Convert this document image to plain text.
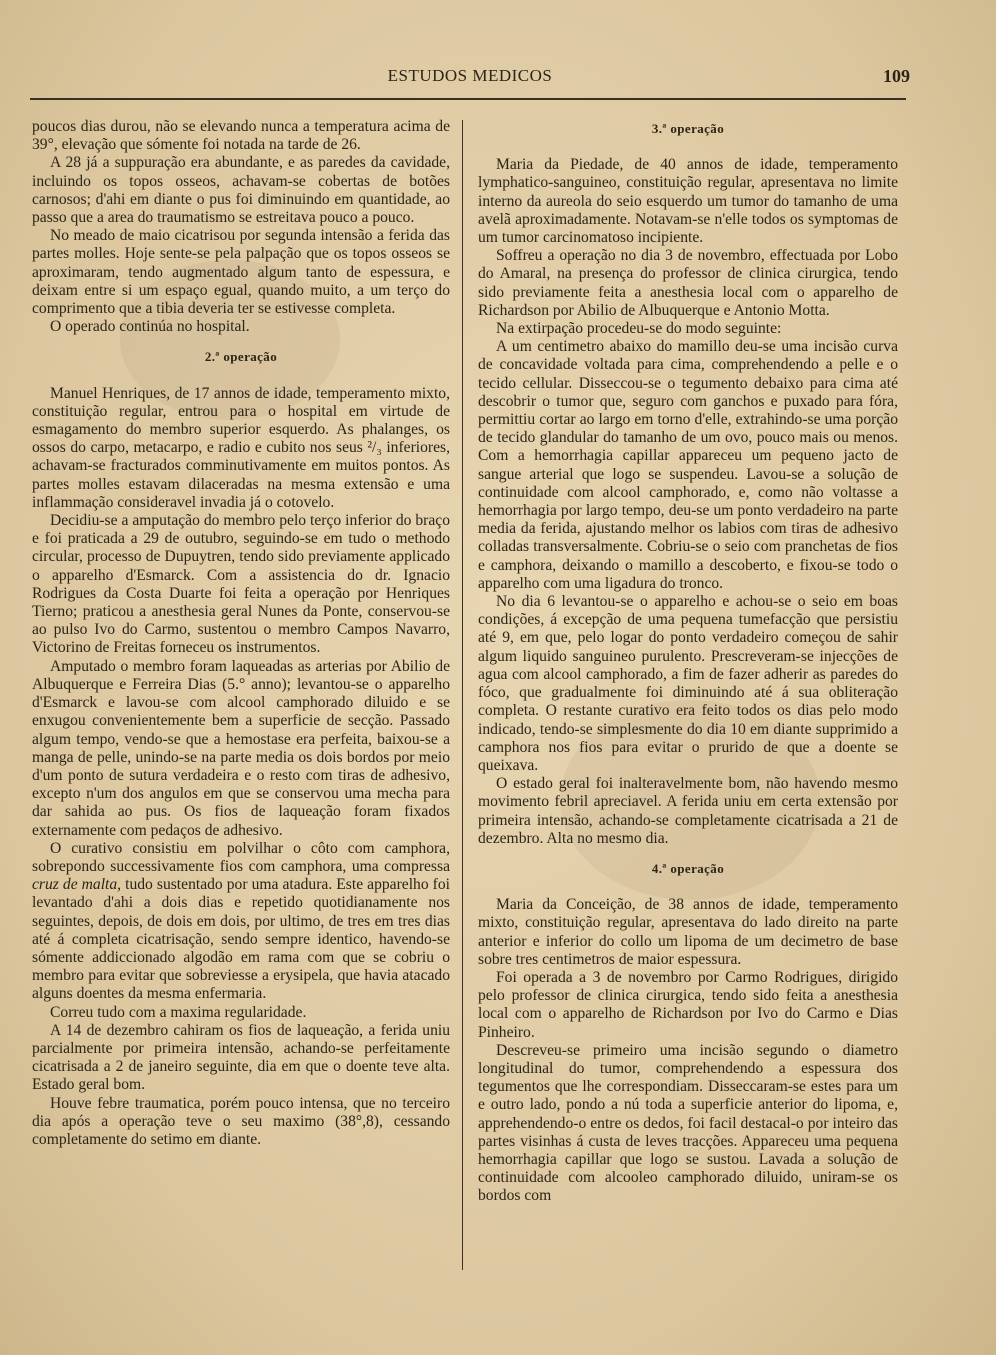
ESTUDOS MEDICOS	109

poucos dias durou, não se elevando nunca a temperatura acima de 39°, elevação que sómente foi notada na tarde de 26.

A 28 já a suppuração era abundante, e as paredes da cavidade, incluindo os topos osseos, achavam-se cobertas de botões carnosos; d'ahi em diante o pus foi diminuindo em quantidade, ao passo que a area do traumatismo se estreitava pouco a pouco.

No meado de maio cicatrisou por segunda intensão a ferida das partes molles. Hoje sente-se pela palpação que os topos osseos se aproximaram, tendo augmentado algum tanto de espessura, e deixam entre si um espaço egual, quando muito, a um terço do comprimento que a tibia deveria ter se estivesse completa.

O operado continúa no hospital.

2.ª operação

Manuel Henriques, de 17 annos de idade, temperamento mixto, constituição regular, entrou para o hospital em virtude de esmagamento do membro superior esquerdo. As phalanges, os ossos do carpo, metacarpo, e radio e cubito nos seus ²/₃ inferiores, achavam-se fracturados comminutivamente em muitos pontos. As partes molles estavam dilaceradas na mesma extensão e uma inflammação consideravel invadia já o cotovelo.

Decidiu-se a amputação do membro pelo terço inferior do braço e foi praticada a 29 de outubro, seguindo-se em tudo o methodo circular, processo de Dupuytren, tendo sido previamente applicado o apparelho d'Esmarck. Com a assistencia do dr. Ignacio Rodrigues da Costa Duarte foi feita a operação por Henriques Tierno; praticou a anesthesia geral Nunes da Ponte, conservou-se ao pulso Ivo do Carmo, sustentou o membro Campos Navarro, Victorino de Freitas forneceu os instrumentos.

Amputado o membro foram laqueadas as arterias por Abilio de Albuquerque e Ferreira Dias (5.° anno); levantou-se o apparelho d'Esmarck e lavou-se com alcool camphorado diluido e se enxugou convenientemente bem a superficie de secção. Passado algum tempo, vendo-se que a hemostase era perfeita, baixou-se a manga de pelle, unindo-se na parte media os dois bordos por meio d'um ponto de sutura verdadeira e o resto com tiras de adhesivo, excepto n'um dos angulos em que se conservou uma mecha para dar sahida ao pus. Os fios de laqueação foram fixados externamente com pedaços de adhesivo.

O curativo consistiu em polvilhar o côto com camphora, sobrepondo successivamente fios com camphora, uma compressa cruz de malta, tudo sustentado por uma atadura. Este apparelho foi levantado d'ahi a dois dias e repetido quotidianamente nos seguintes, depois, de dois em dois, por ultimo, de tres em tres dias até á completa cicatrisação, sendo sempre identico, havendo-se sómente addiccionado algodão em rama com que se cobriu o membro para evitar que sobreviesse a erysipela, que havia atacado alguns doentes da mesma enfermaria.

Correu tudo com a maxima regularidade.

A 14 de dezembro cahiram os fios de laqueação, a ferida uniu parcialmente por primeira intensão, achando-se perfeitamente cicatrisada a 2 de janeiro seguinte, dia em que o doente teve alta. Estado geral bom.

Houve febre traumatica, porém pouco intensa, que no terceiro dia após a operação teve o seu maximo (38°,8), cessando completamente do setimo em diante.

3.ª operação

Maria da Piedade, de 40 annos de idade, temperamento lymphatico-sanguineo, constituição regular, apresentava no limite interno da aureola do seio esquerdo um tumor do tamanho de uma avelã aproximadamente. Notavam-se n'elle todos os symptomas de um tumor carcinomatoso incipiente.

Soffreu a operação no dia 3 de novembro, effectuada por Lobo do Amaral, na presença do professor de clinica cirurgica, tendo sido previamente feita a anesthesia local com o apparelho de Richardson por Abilio de Albuquerque e Antonio Motta.

Na extirpação procedeu-se do modo seguinte:

A um centimetro abaixo do mamillo deu-se uma incisão curva de concavidade voltada para cima, comprehendendo a pelle e o tecido cellular. Disseccou-se o tegumento debaixo para cima até descobrir o tumor que, seguro com ganchos e puxado para fóra, permittiu cortar ao largo em torno d'elle, extrahindo-se uma porção de tecido glandular do tamanho de um ovo, pouco mais ou menos. Com a hemorrhagia capillar appareceu um pequeno jacto de sangue arterial que logo se suspendeu. Lavou-se a solução de continuidade com alcool camphorado, e, como não voltasse a hemorrhagia por largo tempo, deu-se um ponto verdadeiro na parte media da ferida, ajustando melhor os labios com tiras de adhesivo colladas transversalmente. Cobriu-se o seio com pranchetas de fios e camphora, deixando o mamillo a descoberto, e fixou-se todo o apparelho com uma ligadura do tronco.

No dia 6 levantou-se o apparelho e achou-se o seio em boas condições, á excepção de uma pequena tumefacção que persistiu até 9, em que, pelo logar do ponto verdadeiro começou de sahir algum liquido sanguineo purulento. Prescreveram-se injecções de agua com alcool camphorado, a fim de fazer adherir as paredes do fóco, que gradualmente foi diminuindo até á sua obliteração completa. O restante curativo era feito todos os dias pelo modo indicado, tendo-se simplesmente do dia 10 em diante supprimido a camphora nos fios para evitar o prurido de que a doente se queixava.

O estado geral foi inalteravelmente bom, não havendo mesmo movimento febril apreciavel. A ferida uniu em certa extensão por primeira intensão, achando-se completamente cicatrisada a 21 de dezembro. Alta no mesmo dia.

4.ª operação

Maria da Conceição, de 38 annos de idade, temperamento mixto, constituição regular, apresentava do lado direito na parte anterior e inferior do collo um lipoma de um decimetro de base sobre tres centimetros de maior espessura.

Foi operada a 3 de novembro por Carmo Rodrigues, dirigido pelo professor de clinica cirurgica, tendo sido feita a anesthesia local com o apparelho de Richardson por Ivo do Carmo e Dias Pinheiro.

Descreveu-se primeiro uma incisão segundo o diametro longitudinal do tumor, comprehendendo a espessura dos tegumentos que lhe correspondiam. Disseccaram-se estes para um e outro lado, pondo a nú toda a superficie anterior do lipoma, e, apprehendendo-o entre os dedos, foi facil destacal-o por inteiro das partes visinhas á custa de leves tracções. Appareceu uma pequena hemorrhagia capillar que logo se sustou. Lavada a solução de continuidade com alcooleo camphorado diluido, uniram-se os bordos com
